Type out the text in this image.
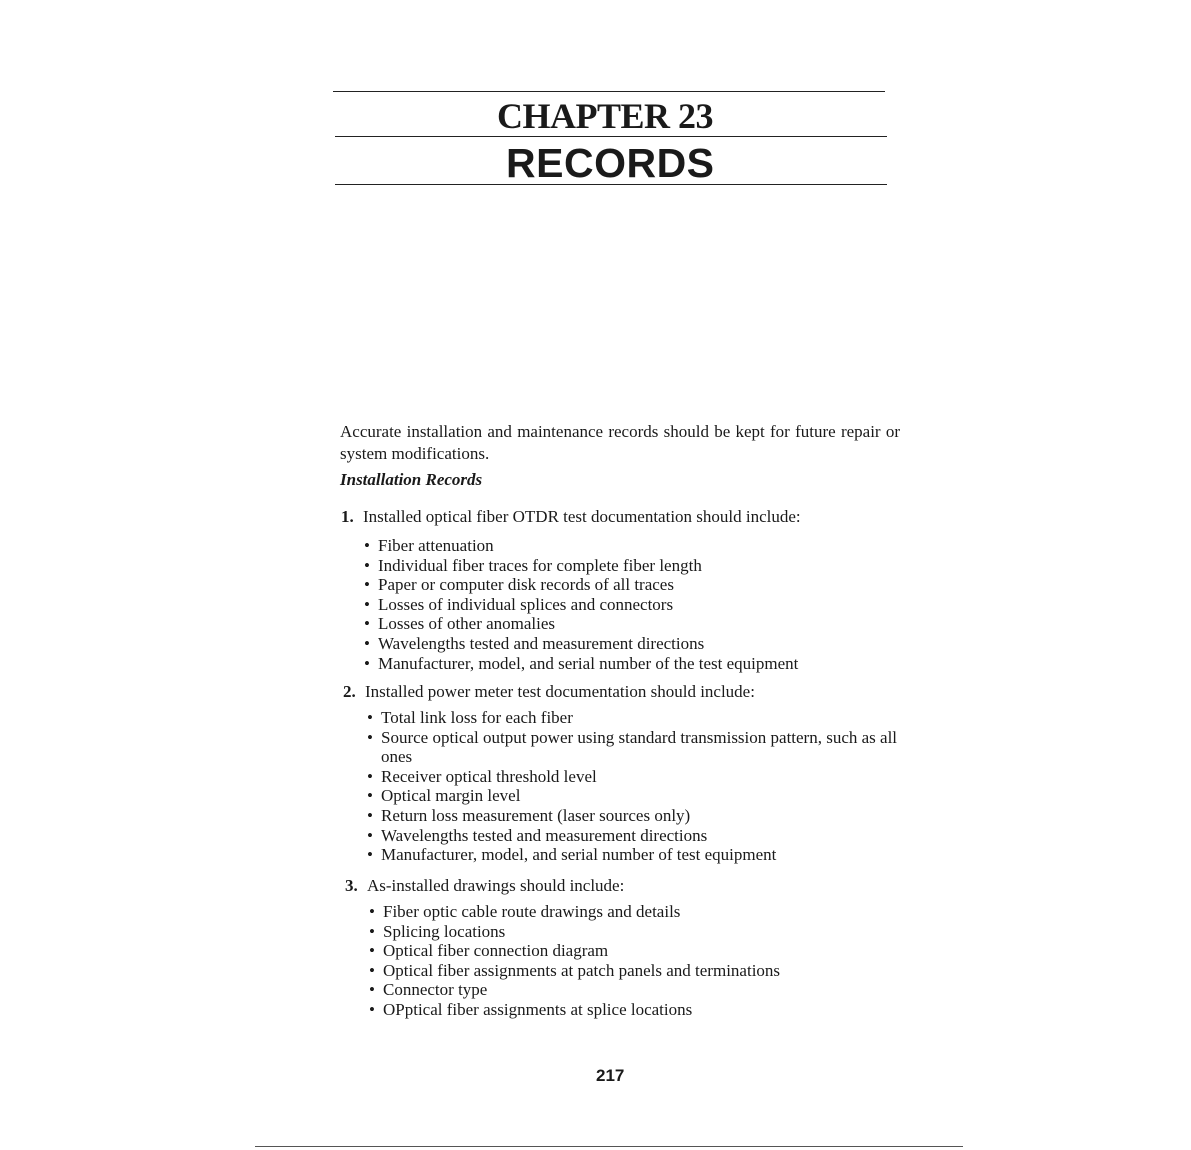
CHAPTER 23
RECORDS

Accurate installation and maintenance records should be kept for future repair or system modifications.

Installation Records
1. Installed optical fiber OTDR test documentation should include:
• Fiber attenuation
• Individual fiber traces for complete fiber length
• Paper or computer disk records of all traces
• Losses of individual splices and connectors
• Losses of other anomalies
• Wavelengths tested and measurement directions
• Manufacturer, model, and serial number of the test equipment
2. Installed power meter test documentation should include:
• Total link loss for each fiber
• Source optical output power using standard transmission pattern, such as all ones
• Receiver optical threshold level
• Optical margin level
• Return loss measurement (laser sources only)
• Wavelengths tested and measurement directions
• Manufacturer, model, and serial number of test equipment
3. As-installed drawings should include:
• Fiber optic cable route drawings and details
• Splicing locations
• Optical fiber connection diagram
• Optical fiber assignments at patch panels and terminations
• Connector type
• OPptical fiber assignments at splice locations
217
